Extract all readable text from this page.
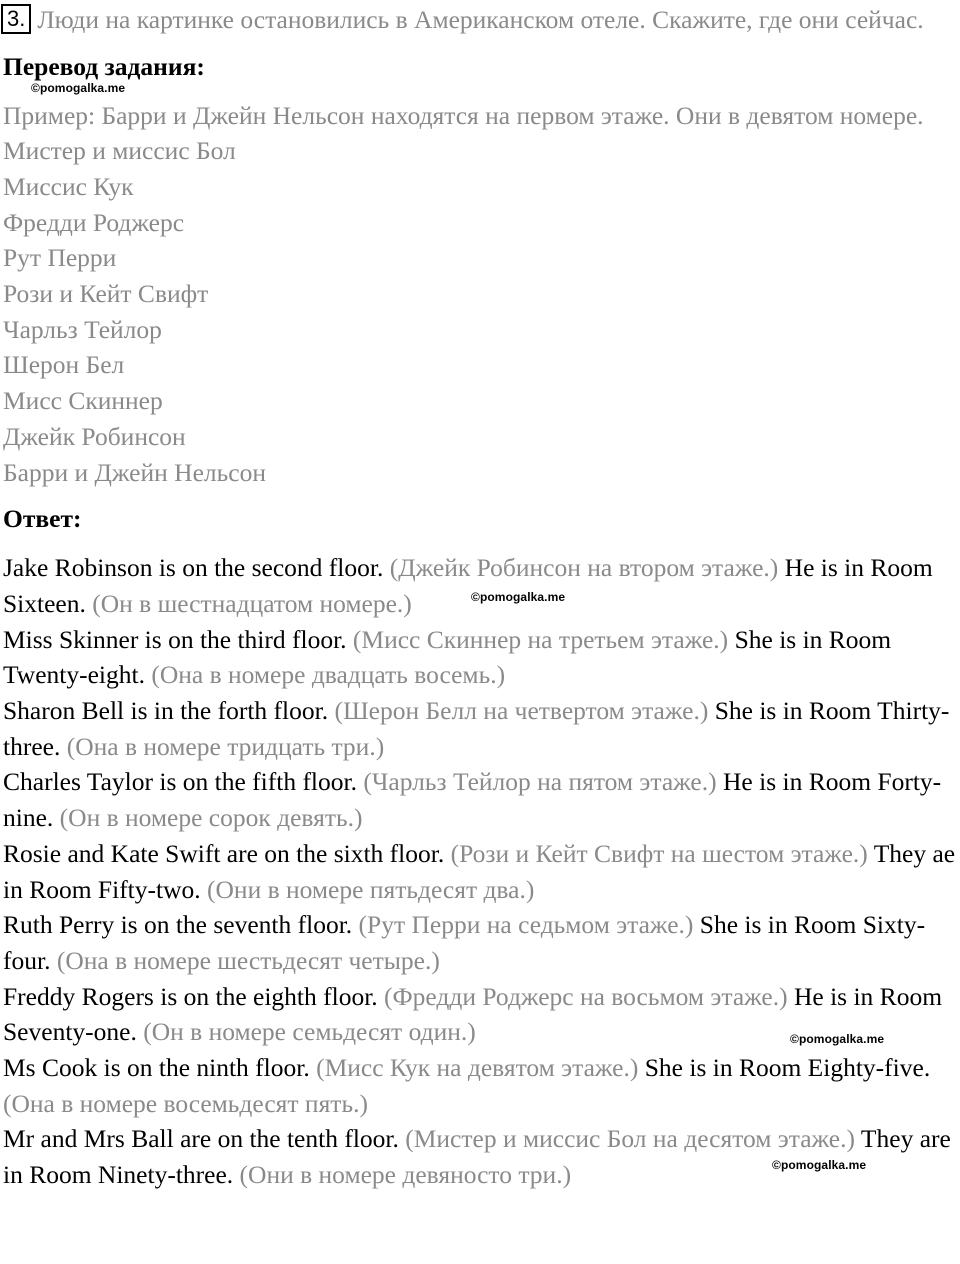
3. Люди на картинке остановились в Американском отеле. Скажите, где они сейчас.
Перевод задания:
Пример: Барри и Джейн Нельсон находятся на первом этаже. Они в девятом номере.
Мистер и миссис Бол
Миссис Кук
Фредди Роджерс
Рут Перри
Рози и Кейт Свифт
Чарльз Тейлор
Шерон Бел
Мисс Скиннер
Джейк Робинсон
Барри и Джейн Нельсон
Ответ:
Jake Robinson is on the second floor. (Джейк Робинсон на втором этаже.) He is in Room Sixteen. (Он в шестнадцатом номере.)
Miss Skinner is on the third floor. (Мисс Скиннер на третьем этаже.) She is in Room Twenty-eight. (Она в номере двадцать восемь.)
Sharon Bell is in the forth floor. (Шерон Белл на четвертом этаже.) She is in Room Thirty-three. (Она в номере тридцать три.)
Charles Taylor is on the fifth floor. (Чарльз Тейлор на пятом этаже.) He is in Room Forty-nine. (Он в номере сорок девять.)
Rosie and Kate Swift are on the sixth floor. (Рози и Кейт Свифт на шестом этаже.) They ae in Room Fifty-two. (Они в номере пятьдесят два.)
Ruth Perry is on the seventh floor. (Рут Перри на седьмом этаже.) She is in Room Sixty-four. (Она в номере шестьдесят четыре.)
Freddy Rogers is on the eighth floor. (Фредди Роджерс на восьмом этаже.) He is in Room Seventy-one. (Он в номере семьдесят один.)
Ms Cook is on the ninth floor. (Мисс Кук на девятом этаже.) She is in Room Eighty-five. (Она в номере восемьдесят пять.)
Mr and Mrs Ball are on the tenth floor. (Мистер и миссис Бол на десятом этаже.) They are in Room Ninety-three. (Они в номере девяносто три.)
©pomogalka.me
©pomogalka.me
©pomogalka.me
©pomogalka.me
